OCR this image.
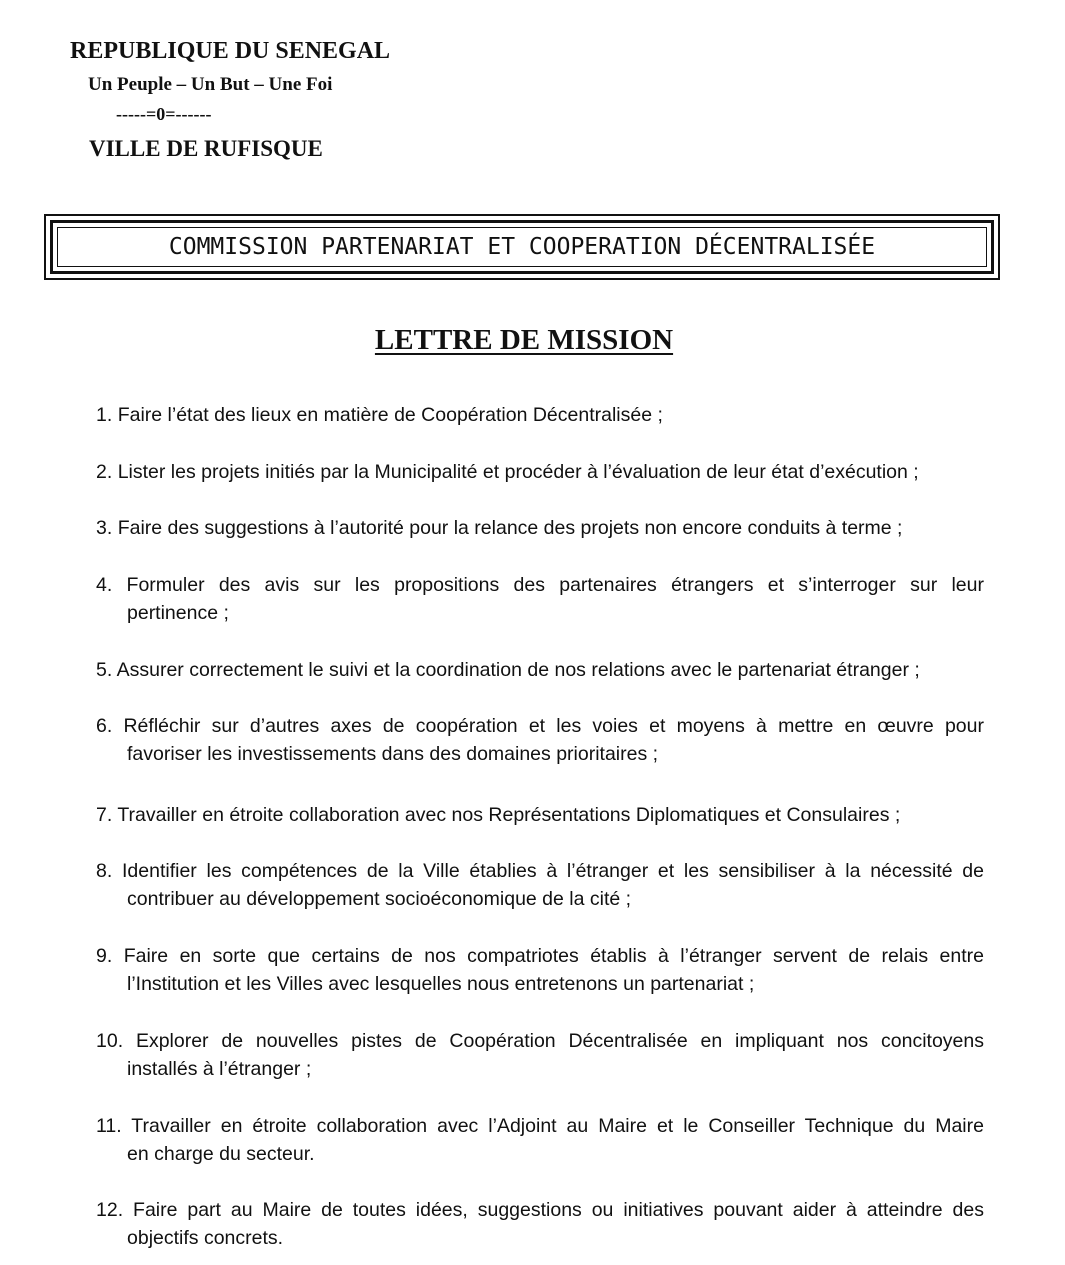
REPUBLIQUE DU SENEGAL
Un Peuple – Un But – Une Foi
-----=0=------
VILLE DE RUFISQUE
COMMISSION PARTENARIAT ET COOPERATION DÉCENTRALISÉE
LETTRE DE MISSION
1. Faire l’état des lieux en matière de Coopération Décentralisée ;
2. Lister les projets initiés par la Municipalité et procéder à l’évaluation de leur état d’exécution ;
3. Faire des suggestions à l’autorité pour la relance des projets non encore conduits à terme ;
4. Formuler des avis sur les propositions des partenaires étrangers et s’interroger sur leur
pertinence ;
5. Assurer correctement le suivi et la coordination de nos relations avec le partenariat étranger ;
6. Réfléchir sur d’autres axes de coopération et les voies et moyens à mettre en œuvre pour
favoriser les investissements dans des domaines prioritaires ;
7. Travailler en étroite collaboration avec nos Représentations Diplomatiques et Consulaires ;
8. Identifier les compétences de la Ville établies à l’étranger et les sensibiliser à la nécessité de
contribuer au développement socioéconomique de la cité ;
9. Faire en sorte que certains de nos compatriotes établis à l’étranger servent de relais entre
l’Institution et les Villes avec lesquelles nous entretenons un partenariat ;
10. Explorer de nouvelles pistes de Coopération Décentralisée en impliquant nos concitoyens
installés à l’étranger ;
11. Travailler en étroite collaboration avec l’Adjoint au Maire et le Conseiller Technique du Maire
en charge du secteur.
12. Faire part au Maire de toutes idées, suggestions ou initiatives pouvant aider à atteindre des
objectifs concrets.
